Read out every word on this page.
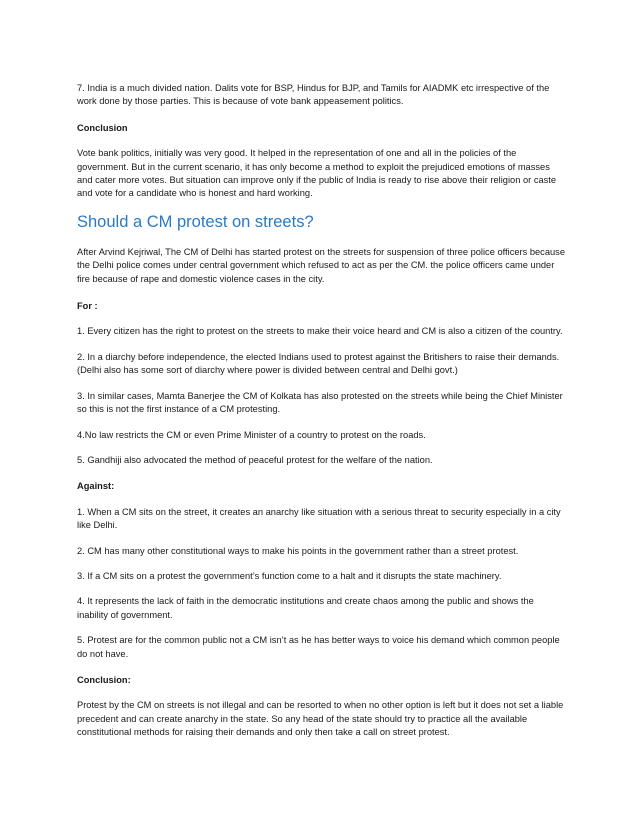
7. India is a much divided nation. Dalits vote for BSP, Hindus for BJP, and Tamils for AIADMK etc irrespective of the work done by those parties. This is because of vote bank appeasement politics.

Conclusion

Vote bank politics, initially was very good. It helped in the representation of one and all in the policies of the government. But in the current scenario, it has only become a method to exploit the prejudiced emotions of masses and cater more votes. But situation can improve only if the public of India is ready to rise above their religion or caste and vote for a candidate who is honest and hard working.

Should a CM protest on streets?

After Arvind Kejriwal, The CM of Delhi has started protest on the streets for suspension of three police officers because the Delhi police comes under central government which refused to act as per the CM. the police officers came under fire because of rape and domestic violence cases in the city.

For :

1. Every citizen has the right to protest on the streets to make their voice heard and CM is also a citizen of the country.

2. In a diarchy before independence, the elected Indians used to protest against the Britishers to raise their demands.(Delhi also has some sort of diarchy where power is divided between central and Delhi govt.)

3. In similar cases, Mamta Banerjee the CM of Kolkata has also protested on the streets while being the Chief Minister so this is not the first instance of a CM protesting.

4.No law restricts the CM or even Prime Minister of a country to protest on the roads.

5. Gandhiji also advocated the method of peaceful protest for the welfare of the nation.

Against:

1. When a CM sits on the street, it creates an anarchy like situation with a serious threat to security especially in a city like Delhi.

2. CM has many other constitutional ways to make his points in the government rather than a street protest.

3. If a CM sits on a protest the government’s function come to a halt and it disrupts the state machinery.

4. It represents the lack of faith in the democratic institutions and create chaos among the public and shows the inability of government.

5. Protest are for the common public not a CM isn’t as he has better ways to voice his demand which common people do not have.

Conclusion:

Protest by the CM on streets is not illegal and can be resorted to when no other option is left but it does not set a liable precedent and can create anarchy in the state. So any head of the state should try to practice all the available constitutional methods for raising their demands and only then take a call on street protest.
